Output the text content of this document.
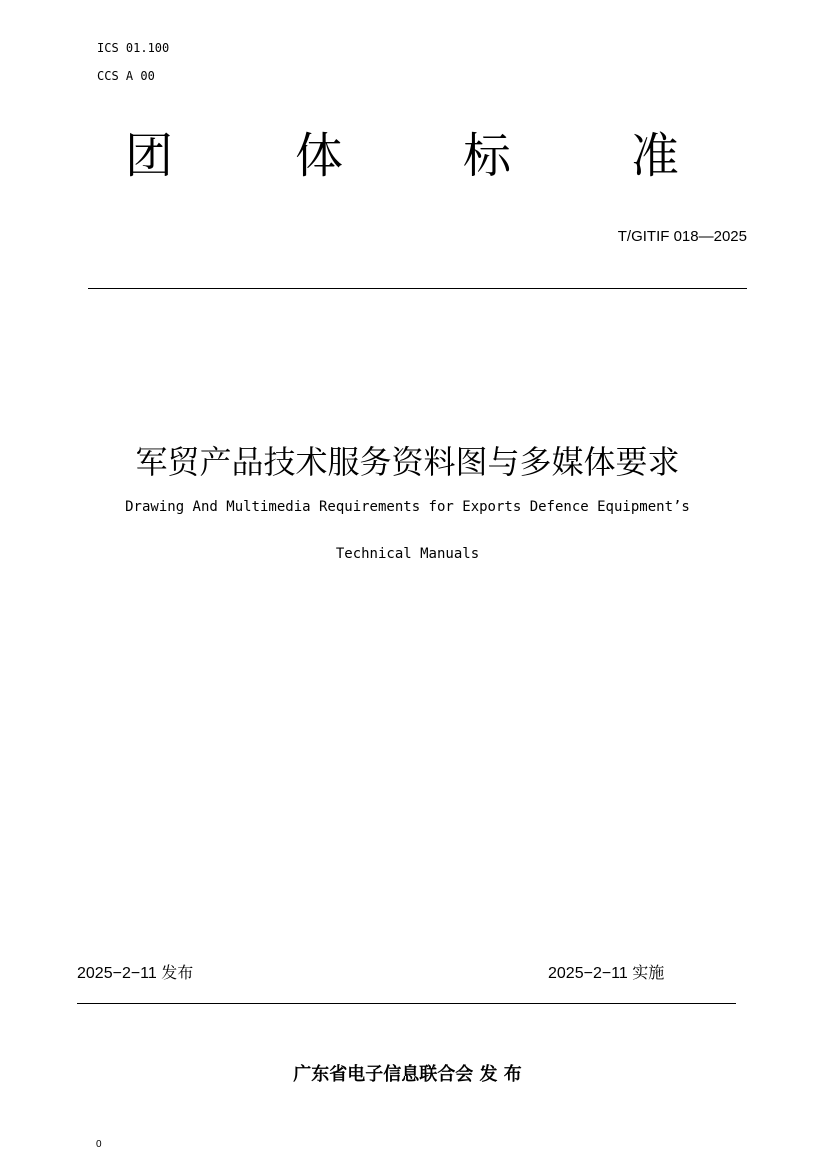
ICS 01.100
CCS A 00
团	体 标 准
T/GITIF 018—2025
军贸产品技术服务资料图与多媒体要求
Drawing And Multimedia Requirements for Exports Defence Equipment’s
Technical Manuals
2025−2−11 发布	2025−2−11 实施
广东省电子信息联合会 发 布
0
